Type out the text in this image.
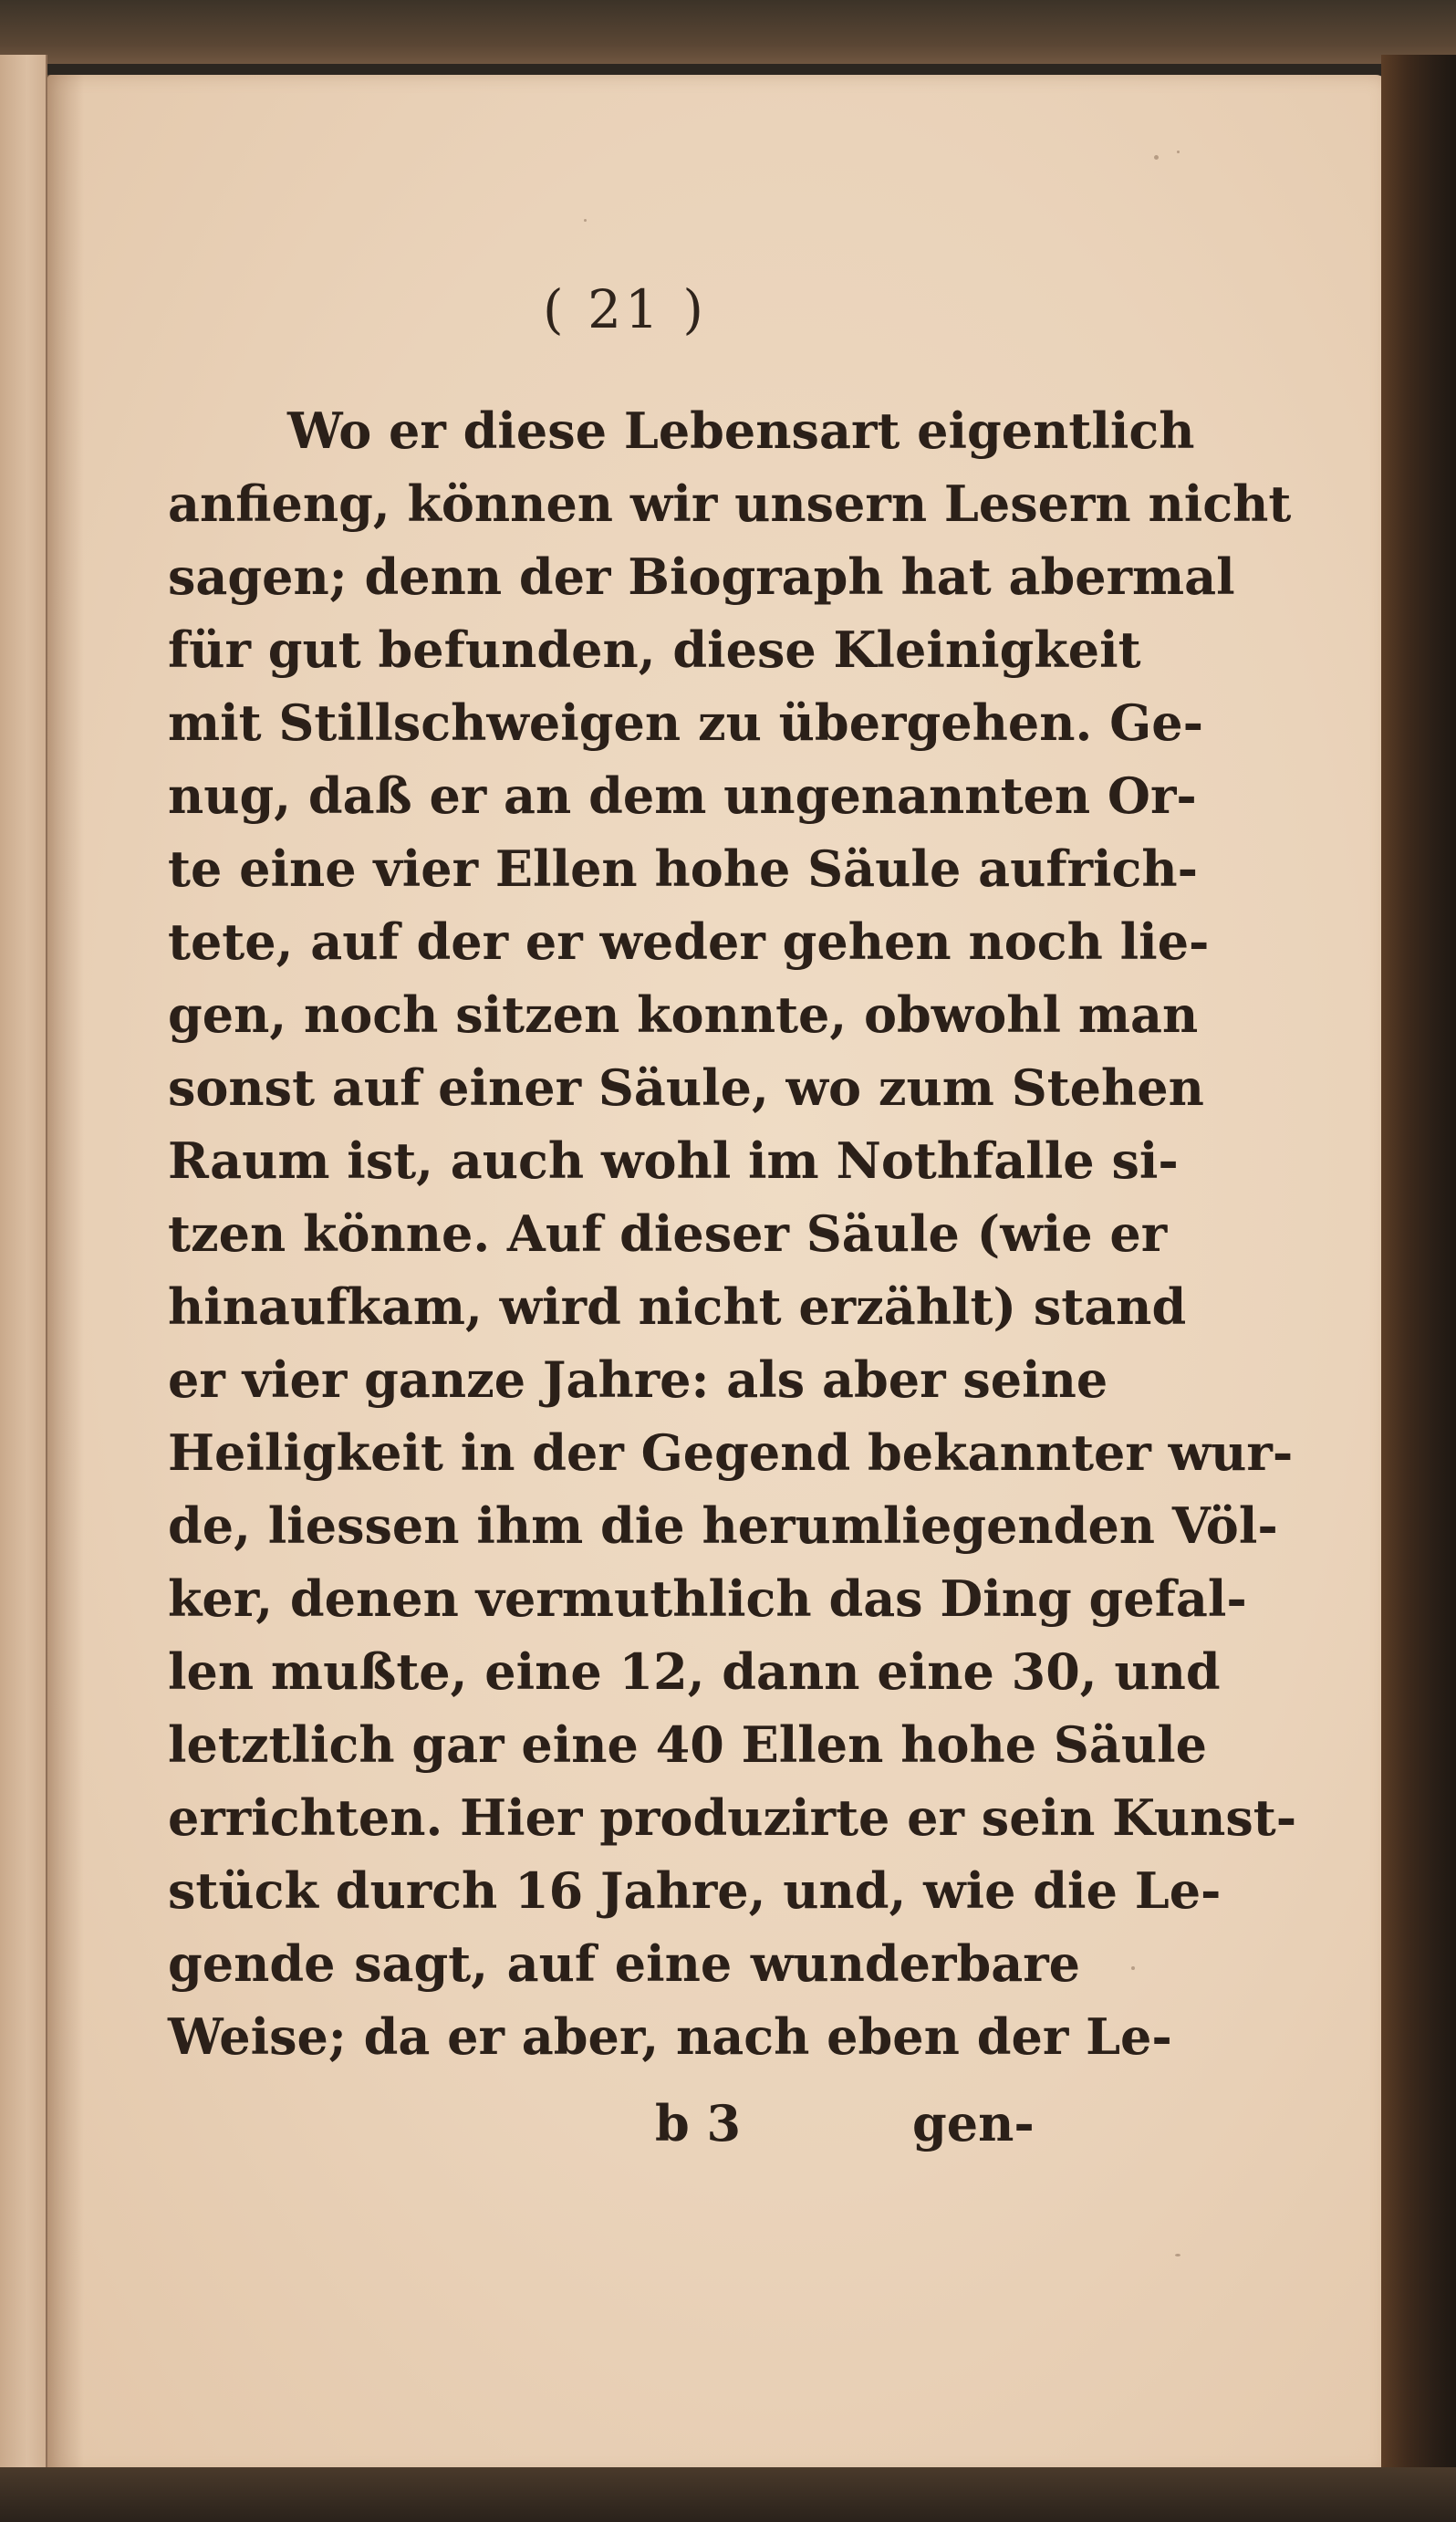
( 21 )
Wo er diese Lebensart eigentlich
anfieng, können wir unsern Lesern nicht
sagen; denn der Biograph hat abermal
für gut befunden, diese Kleinigkeit
mit Stillschweigen zu übergehen. Ge-
nug, daß er an dem ungenannten Or-
te eine vier Ellen hohe Säule aufrich-
tete, auf der er weder gehen noch lie-
gen, noch sitzen konnte, obwohl man
sonst auf einer Säule, wo zum Stehen
Raum ist, auch wohl im Nothfalle si-
tzen könne. Auf dieser Säule (wie er
hinaufkam, wird nicht erzählt) stand
er vier ganze Jahre: als aber seine
Heiligkeit in der Gegend bekannter wur-
de, liessen ihm die herumliegenden Völ-
ker, denen vermuthlich das Ding gefal-
len mußte, eine 12, dann eine 30, und
letztlich gar eine 40 Ellen hohe Säule
errichten. Hier produzirte er sein Kunst-
stück durch 16 Jahre, und, wie die Le-
gende sagt, auf eine wunderbare
Weise; da er aber, nach eben der Le-
b 3	gen-
